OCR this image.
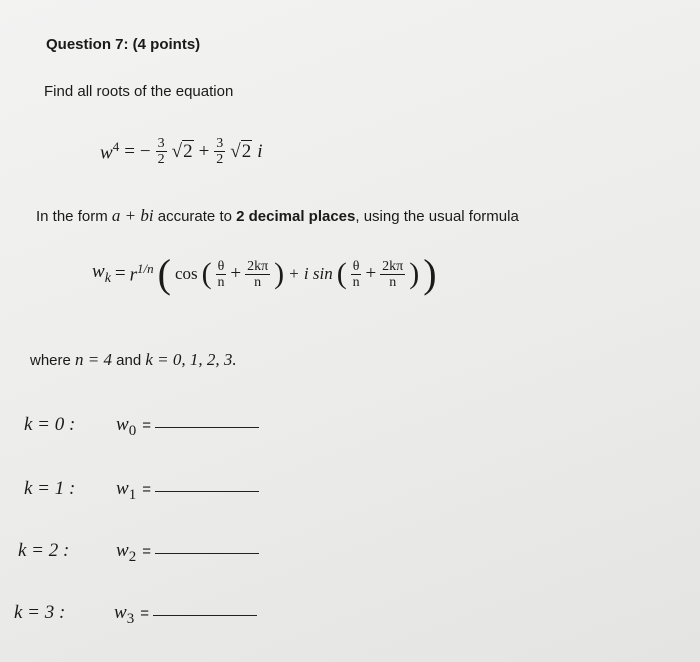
Question 7: (4 points)
Find all roots of the equation
$w^4$ = − $\frac{3}{2} √2 + \frac{3}{2} √2$ i
In the form a + bi accurate to 2 decimal places, using the usual formula
$w_k = r^{1/n}$ ( cos ( $\frac{\theta}{n} + \frac{2k\pi}{n}$ ) + i sin ( $\frac{\theta}{n} + \frac{2k\pi}{n}$ ) )
where n = 4 and k = 0, 1, 2, 3.
k = 0 :	$w_0$ =
k = 1 :	$w_1$ =
k = 2 :	$w_2$ =
k = 3 :	$w_3$ =
